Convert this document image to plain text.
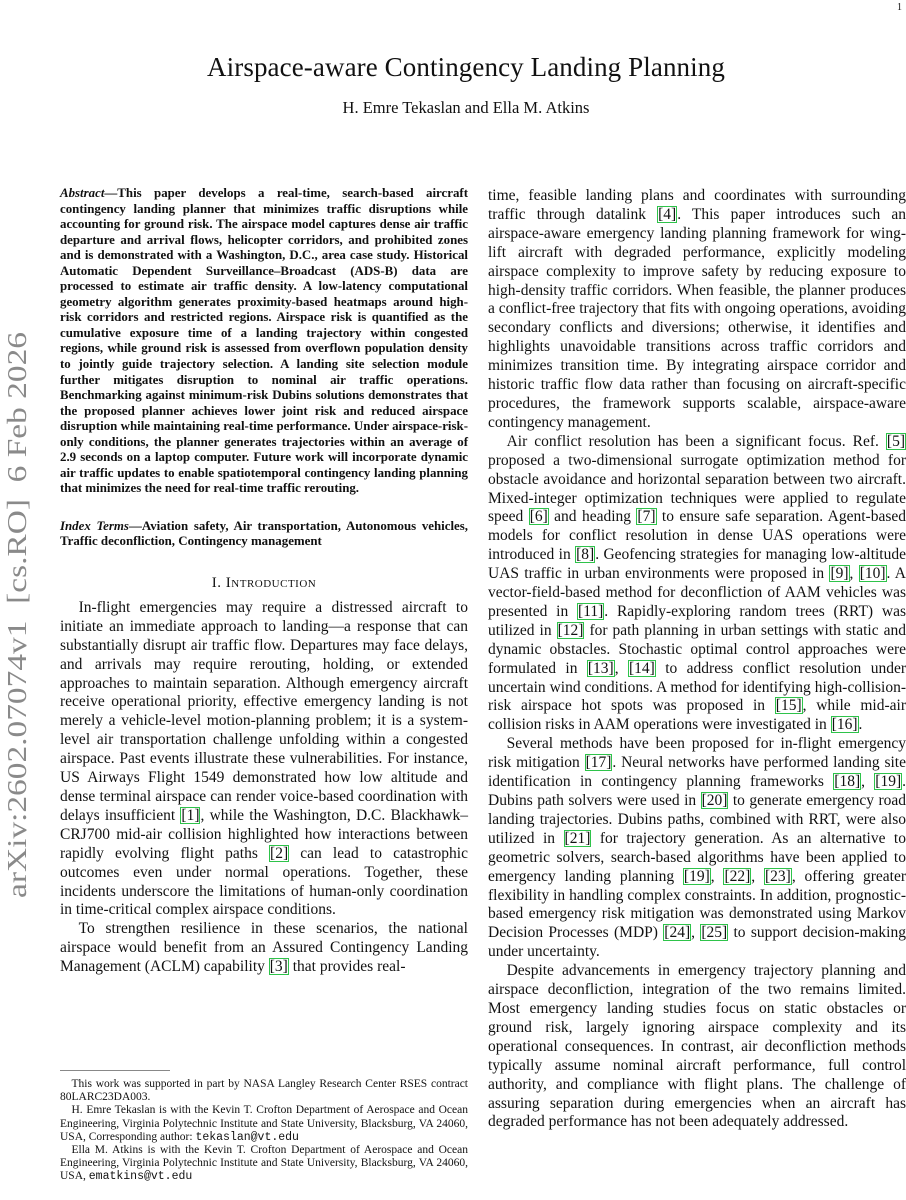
1
arXiv:2602.07074v1  [cs.RO]  6 Feb 2026
Airspace-aware Contingency Landing Planning
H. Emre Tekaslan and Ella M. Atkins
Abstract—This paper develops a real-time, search-based aircraft contingency landing planner that minimizes traffic disruptions while accounting for ground risk. The airspace model captures dense air traffic departure and arrival flows, helicopter corridors, and prohibited zones and is demonstrated with a Washington, D.C., area case study. Historical Automatic Dependent Surveillance–Broadcast (ADS-B) data are processed to estimate air traffic density. A low-latency computational geometry algorithm generates proximity-based heatmaps around high-risk corridors and restricted regions. Airspace risk is quantified as the cumulative exposure time of a landing trajectory within congested regions, while ground risk is assessed from overflown population density to jointly guide trajectory selection. A landing site selection module further mitigates disruption to nominal air traffic operations. Benchmarking against minimum-risk Dubins solutions demonstrates that the proposed planner achieves lower joint risk and reduced airspace disruption while maintaining real-time performance. Under airspace-risk-only conditions, the planner generates trajectories within an average of 2.9 seconds on a laptop computer. Future work will incorporate dynamic air traffic updates to enable spatiotemporal contingency landing planning that minimizes the need for real-time traffic rerouting.
Index Terms—Aviation safety, Air transportation, Autonomous vehicles, Traffic deconfliction, Contingency management
I. Introduction

In-flight emergencies may require a distressed aircraft to initiate an immediate approach to landing—a response that can substantially disrupt air traffic flow. Departures may face delays, and arrivals may require rerouting, holding, or extended approaches to maintain separation. Although emergency aircraft receive operational priority, effective emergency landing is not merely a vehicle-level motion-planning problem; it is a system-level air transportation challenge unfolding within a congested airspace. Past events illustrate these vulnerabilities. For instance, US Airways Flight 1549 demonstrated how low altitude and dense terminal airspace can render voice-based coordination with delays insufficient [1], while the Washington, D.C. Blackhawk–CRJ700 mid-air collision highlighted how interactions between rapidly evolving flight paths [2] can lead to catastrophic outcomes even under normal operations. Together, these incidents underscore the limitations of human-only coordination in time-critical complex airspace conditions.

To strengthen resilience in these scenarios, the national airspace would benefit from an Assured Contingency Landing Management (ACLM) capability [3] that provides real-

This work was supported in part by NASA Langley Research Center RSES contract 80LARC23DA003.

H. Emre Tekaslan is with the Kevin T. Crofton Department of Aerospace and Ocean Engineering, Virginia Polytechnic Institute and State University, Blacksburg, VA 24060, USA, Corresponding author: tekaslan@vt.edu

Ella M. Atkins is with the Kevin T. Crofton Department of Aerospace and Ocean Engineering, Virginia Polytechnic Institute and State University, Blacksburg, VA 24060, USA, ematkins@vt.edu

time, feasible landing plans and coordinates with surrounding traffic through datalink [4]. This paper introduces such an airspace-aware emergency landing planning framework for wing-lift aircraft with degraded performance, explicitly modeling airspace complexity to improve safety by reducing exposure to high-density traffic corridors. When feasible, the planner produces a conflict-free trajectory that fits with ongoing operations, avoiding secondary conflicts and diversions; otherwise, it identifies and highlights unavoidable transitions across traffic corridors and minimizes transition time. By integrating airspace corridor and historic traffic flow data rather than focusing on aircraft-specific procedures, the framework supports scalable, airspace-aware contingency management.

Air conflict resolution has been a significant focus. Ref. [5] proposed a two-dimensional surrogate optimization method for obstacle avoidance and horizontal separation between two aircraft. Mixed-integer optimization techniques were applied to regulate speed [6] and heading [7] to ensure safe separation. Agent-based models for conflict resolution in dense UAS operations were introduced in [8]. Geofencing strategies for managing low-altitude UAS traffic in urban environments were proposed in [9], [10]. A vector-field-based method for deconfliction of AAM vehicles was presented in [11]. Rapidly-exploring random trees (RRT) was utilized in [12] for path planning in urban settings with static and dynamic obstacles. Stochastic optimal control approaches were formulated in [13], [14] to address conflict resolution under uncertain wind conditions. A method for identifying high-collision-risk airspace hot spots was proposed in [15], while mid-air collision risks in AAM operations were investigated in [16].

Several methods have been proposed for in-flight emergency risk mitigation [17]. Neural networks have performed landing site identification in contingency planning frameworks [18], [19]. Dubins path solvers were used in [20] to generate emergency road landing trajectories. Dubins paths, combined with RRT, were also utilized in [21] for trajectory generation. As an alternative to geometric solvers, search-based algorithms have been applied to emergency landing planning [19], [22], [23], offering greater flexibility in handling complex constraints. In addition, prognostic-based emergency risk mitigation was demonstrated using Markov Decision Processes (MDP) [24], [25] to support decision-making under uncertainty.

Despite advancements in emergency trajectory planning and airspace deconfliction, integration of the two remains limited. Most emergency landing studies focus on static obstacles or ground risk, largely ignoring airspace complexity and its operational consequences. In contrast, air deconfliction methods typically assume nominal aircraft performance, full control authority, and compliance with flight plans. The challenge of assuring separation during emergencies when an aircraft has degraded performance has not been adequately addressed.
